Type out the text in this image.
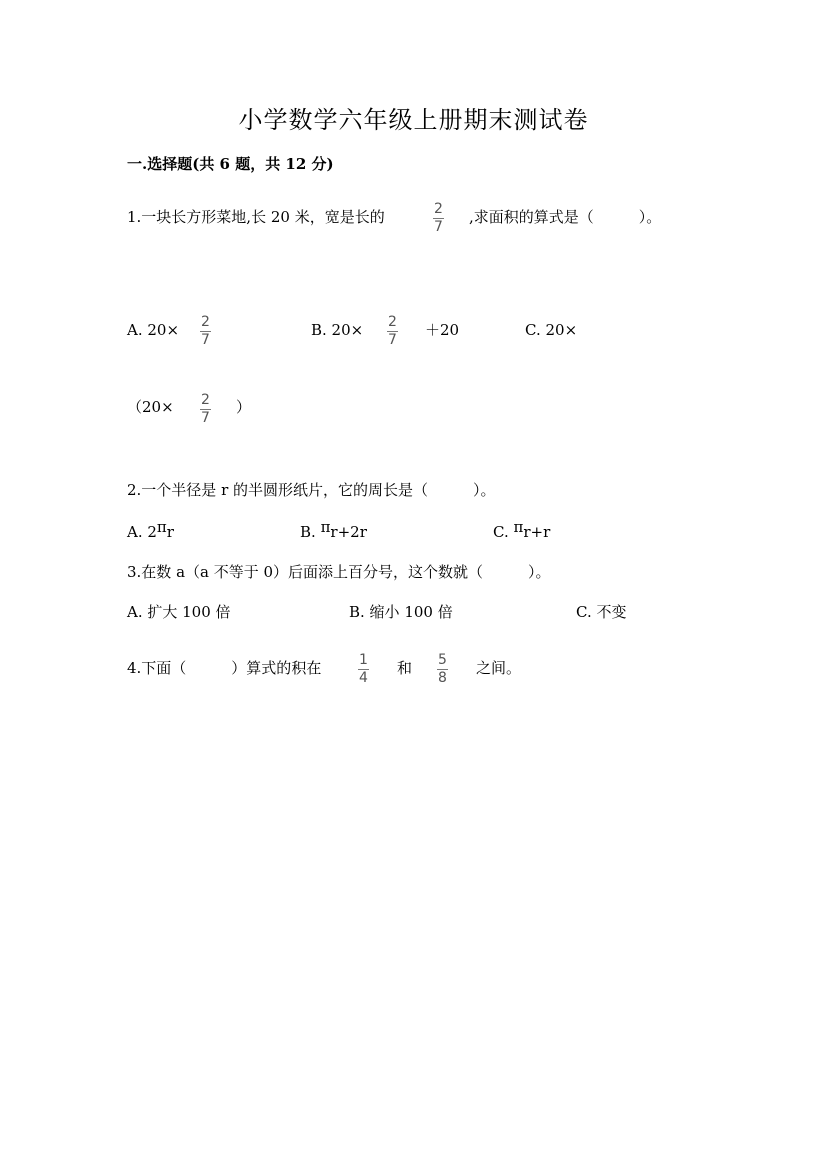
小学数学六年级上册期末测试卷
一.选择题(共 6 题，共 12 分)
1.一块长方形菜地,长 20 米，宽是长的	2
7
,求面积的算式是（　　　）。
A. 20× 2
7
B. 20× 2
7
＋20	C. 20×
（20× 2
7
）
2.一个半径是 r 的半圆形纸片，它的周长是（　　　）。
A. 2πr	B. πr+2r	C. πr+r
3.在数 a（a 不等于 0）后面添上百分号，这个数就（　　　）。
A. 扩大 100 倍	B. 缩小 100 倍	C. 不变
4.下面（　　　）算式的积在	1
4
和 5
8
之间。
